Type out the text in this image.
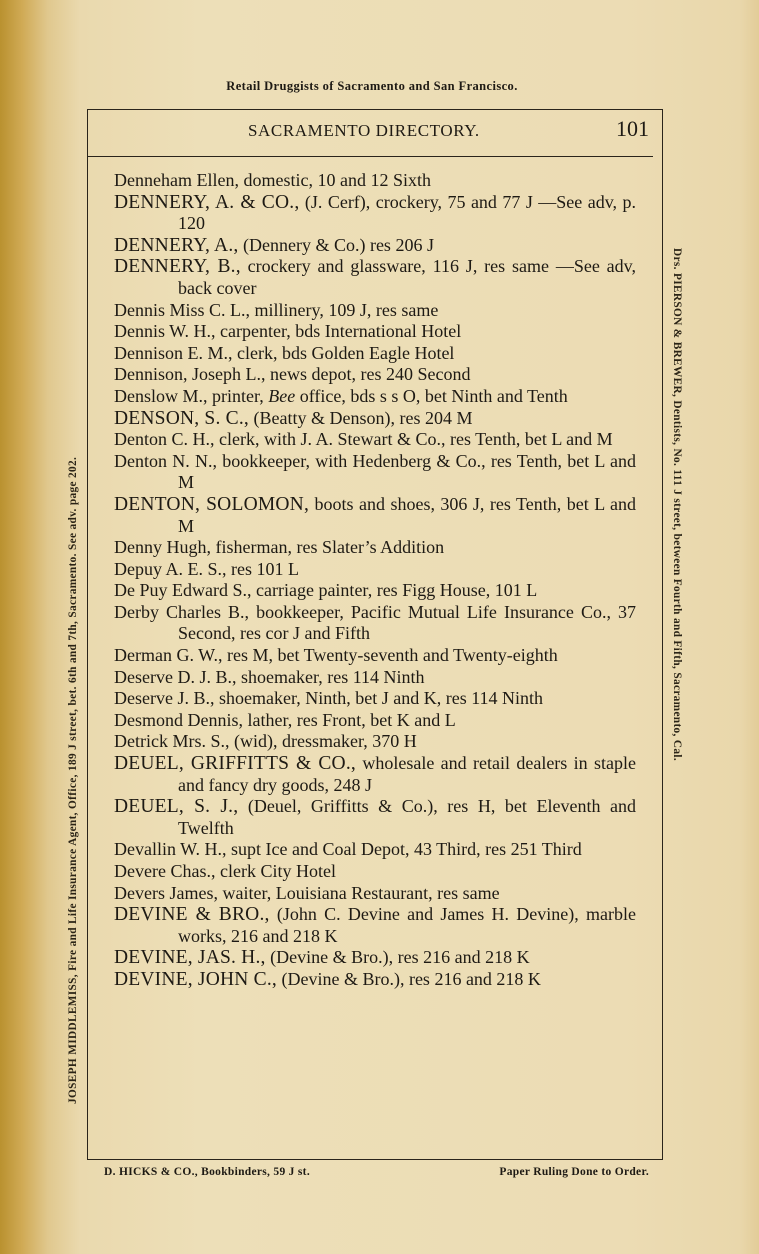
Retail Druggists of Sacramento and San Francisco.
SACRAMENTO DIRECTORY.	101
Denneham Ellen, domestic, 10 and 12 Sixth
DENNERY, A. & CO., (J. Cerf), crockery, 75 and 77 J —See adv, p. 120
DENNERY, A., (Dennery & Co.) res 206 J
DENNERY, B., crockery and glassware, 116 J, res same —See adv, back cover
Dennis Miss C. L., millinery, 109 J, res same
Dennis W. H., carpenter, bds International Hotel
Dennison E. M., clerk, bds Golden Eagle Hotel
Dennison, Joseph L., news depot, res 240 Second
Denslow M., printer, Bee office, bds s s O, bet Ninth and Tenth
DENSON, S. C., (Beatty & Denson), res 204 M
Denton C. H., clerk, with J. A. Stewart & Co., res Tenth, bet L and M
Denton N. N., bookkeeper, with Hedenberg & Co., res Tenth, bet L and M
DENTON, SOLOMON, boots and shoes, 306 J, res Tenth, bet L and M
Denny Hugh, fisherman, res Slater’s Addition
Depuy A. E. S., res 101 L
De Puy Edward S., carriage painter, res Figg House, 101 L
Derby Charles B., bookkeeper, Pacific Mutual Life Insurance Co., 37 Second, res cor J and Fifth
Derman G. W., res M, bet Twenty-seventh and Twenty-eighth
Deserve D. J. B., shoemaker, res 114 Ninth
Deserve J. B., shoemaker, Ninth, bet J and K, res 114 Ninth
Desmond Dennis, lather, res Front, bet K and L
Detrick Mrs. S., (wid), dressmaker, 370 H
DEUEL, GRIFFITTS & CO., wholesale and retail dealers in staple and fancy dry goods, 248 J
DEUEL, S. J., (Deuel, Griffitts & Co.), res H, bet Eleventh and Twelfth
Devallin W. H., supt Ice and Coal Depot, 43 Third, res 251 Third
Devere Chas., clerk City Hotel
Devers James, waiter, Louisiana Restaurant, res same
DEVINE & BRO., (John C. Devine and James H. Devine), marble works, 216 and 218 K
DEVINE, JAS. H., (Devine & Bro.), res 216 and 218 K
DEVINE, JOHN C., (Devine & Bro.), res 216 and 218 K
JOSEPH MIDDLEMISS, Fire and Life Insurance Agent, Office, 189 J street, bet. 6th and 7th, Sacramento. See adv. page 202.	Drs. PIERSON & BREWER, Dentists, No. 111 J street, between Fourth and Fifth, Sacramento, Cal.
D. HICKS & CO., Bookbinders, 59 J st.	Paper Ruling Done to Order.
